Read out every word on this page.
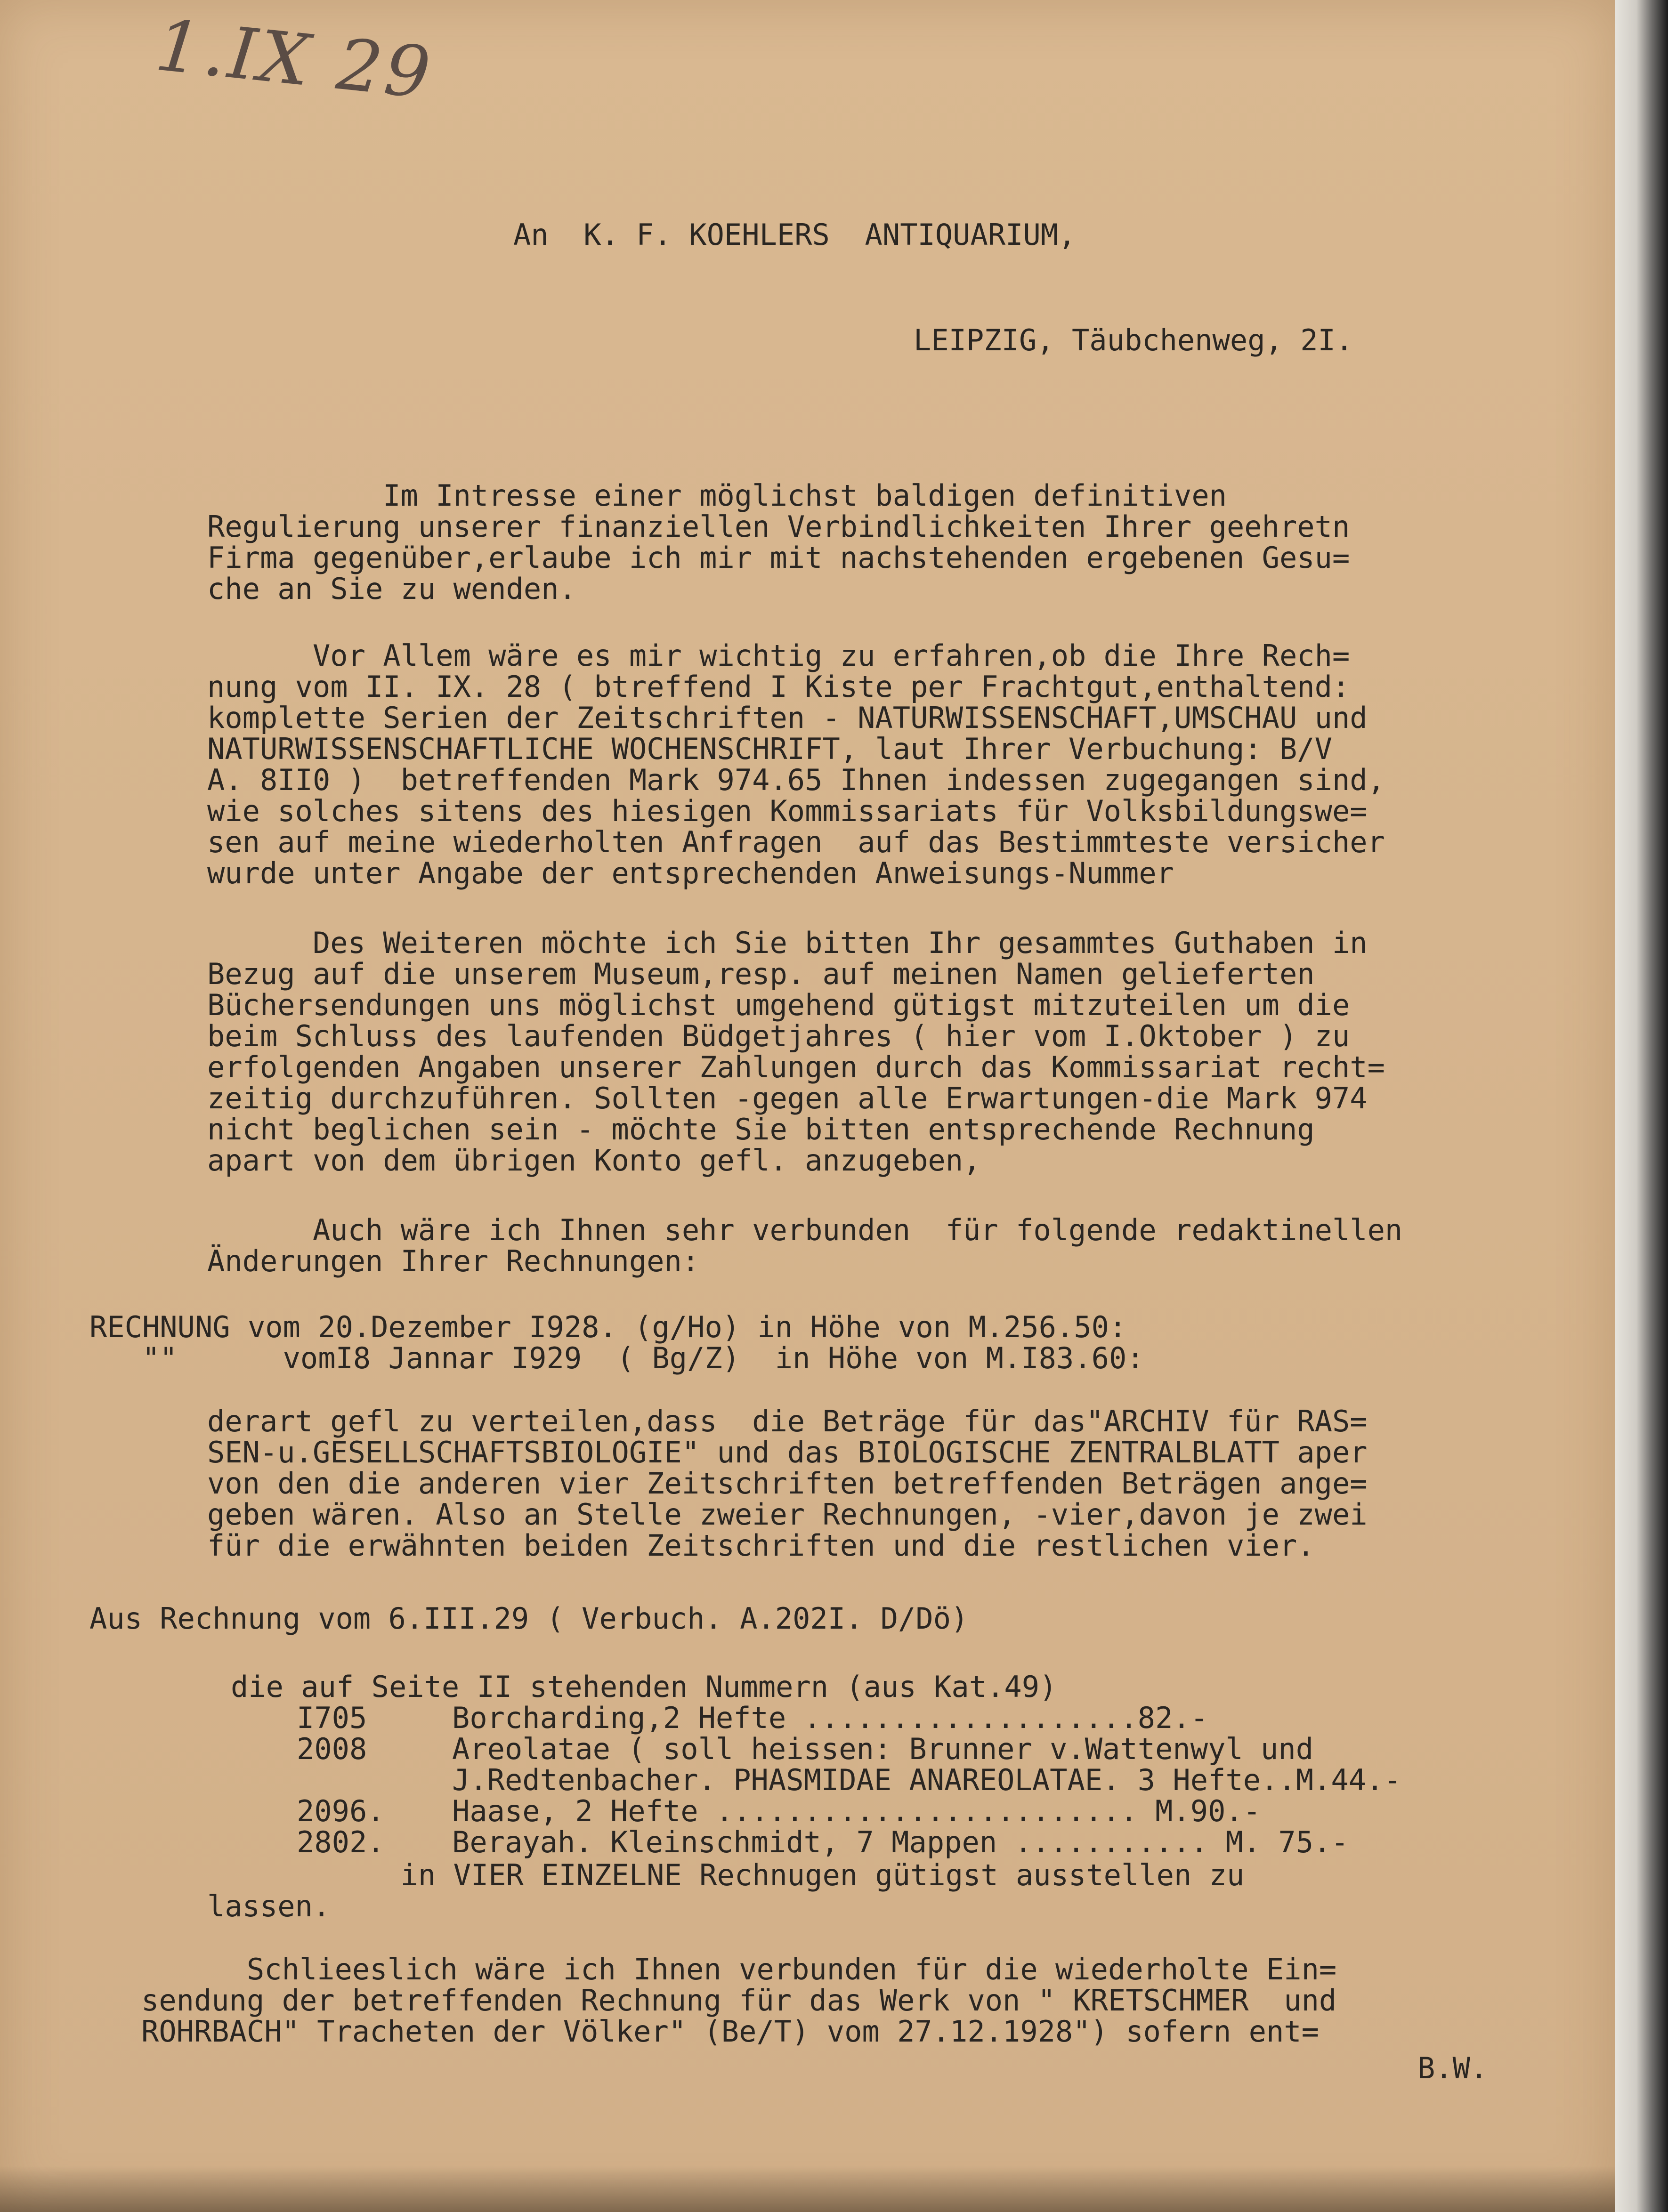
1.IX 29
An  K. F. KOEHLERS  ANTIQUARIUM,
LEIPZIG, Täubchenweg, 2I.
Im Intresse einer möglichst baldigen definitiven
Regulierung unserer finanziellen Verbindlichkeiten Ihrer geehretn
Firma gegenüber,erlaube ich mir mit nachstehenden ergebenen Gesu=
che an Sie zu wenden.
Vor Allem wäre es mir wichtig zu erfahren,ob die Ihre Rech=
nung vom II. IX. 28 ( btreffend I Kiste per Frachtgut,enthaltend:
komplette Serien der Zeitschriften - NATURWISSENSCHAFT,UMSCHAU und
NATURWISSENSCHAFTLICHE WOCHENSCHRIFT, laut Ihrer Verbuchung: B/V
A. 8II0 )  betreffenden Mark 974.65 Ihnen indessen zugegangen sind,
wie solches sitens des hiesigen Kommissariats für Volksbildungswe=
sen auf meine wiederholten Anfragen  auf das Bestimmteste versicher
wurde unter Angabe der entsprechenden Anweisungs-Nummer
Des Weiteren möchte ich Sie bitten Ihr gesammtes Guthaben in
Bezug auf die unserem Museum,resp. auf meinen Namen gelieferten
Büchersendungen uns möglichst umgehend gütigst mitzuteilen um die
beim Schluss des laufenden Büdgetjahres ( hier vom I.Oktober ) zu
erfolgenden Angaben unserer Zahlungen durch das Kommissariat recht=
zeitig durchzuführen. Sollten -gegen alle Erwartungen-die Mark 974
nicht beglichen sein - möchte Sie bitten entsprechende Rechnung
apart von dem übrigen Konto gefl. anzugeben,
Auch wäre ich Ihnen sehr verbunden  für folgende redaktinellen
Änderungen Ihrer Rechnungen:
RECHNUNG vom 20.Dezember I928. (g/Ho) in Höhe von M.256.50:
""      vomI8 Jannar I929  ( Bg/Z)  in Höhe von M.I83.60:
derart gefl zu verteilen,dass  die Beträge für das"ARCHIV für RAS=
SEN-u.GESELLSCHAFTSBIOLOGIE" und das BIOLOGISCHE ZENTRALBLATT aper
von den die anderen vier Zeitschriften betreffenden Beträgen ange=
geben wären. Also an Stelle zweier Rechnungen, -vier,davon je zwei
für die erwähnten beiden Zeitschriften und die restlichen vier.
Aus Rechnung vom 6.III.29 ( Verbuch. A.202I. D/Dö)
die auf Seite II stehenden Nummern (aus Kat.49)
I705	Borcharding,2 Hefte ...................82.-
2008	Areolatae ( soll heissen: Brunner v.Wattenwyl und
J.Redtenbacher. PHASMIDAE ANAREOLATAE. 3 Hefte..M.44.-
2096.	Haase, 2 Hefte ........................ M.90.-
2802.	Berayah. Kleinschmidt, 7 Mappen ........... M. 75.-
in VIER EINZELNE Rechnugen gütigst ausstellen zu
lassen.
Schlieeslich wäre ich Ihnen verbunden für die wiederholte Ein=
sendung der betreffenden Rechnung für das Werk von " KRETSCHMER  und
ROHRBACH" Tracheten der Völker" (Be/T) vom 27.12.1928") sofern ent=
B.W.
